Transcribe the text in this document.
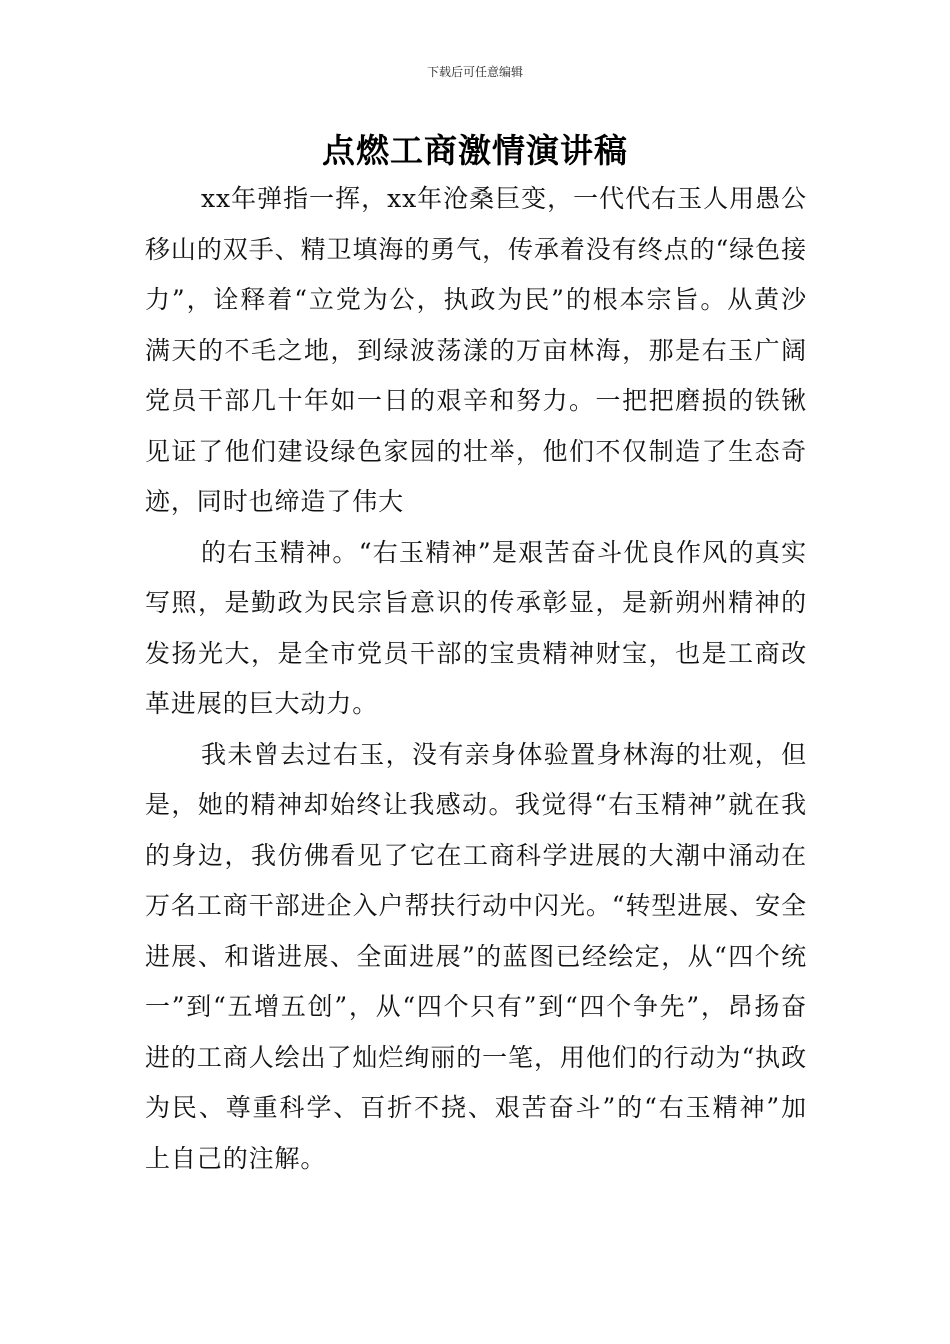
下载后可任意编辑
点燃工商激情演讲稿

xx年弹指一挥，xx年沧桑巨变，一代代右玉人用愚公移山的双手、精卫填海的勇气，传承着没有终点的“绿色接力”，诠释着“立党为公，执政为民”的根本宗旨。从黄沙满天的不毛之地，到绿波荡漾的万亩林海，那是右玉广阔党员干部几十年如一日的艰辛和努力。一把把磨损的铁锹见证了他们建设绿色家园的壮举，他们不仅制造了生态奇迹，同时也缔造了伟大

的右玉精神。“右玉精神”是艰苦奋斗优良作风的真实写照，是勤政为民宗旨意识的传承彰显，是新朔州精神的发扬光大，是全市党员干部的宝贵精神财宝，也是工商改革进展的巨大动力。

我未曾去过右玉，没有亲身体验置身林海的壮观，但是，她的精神却始终让我感动。我觉得“右玉精神”就在我的身边，我仿佛看见了它在工商科学进展的大潮中涌动在万名工商干部进企入户帮扶行动中闪光。“转型进展、安全进展、和谐进展、全面进展”的蓝图已经绘定，从“四个统一”到“五增五创”，从“四个只有”到“四个争先”，昂扬奋进的工商人绘出了灿烂绚丽的一笔，用他们的行动为“执政为民、尊重科学、百折不挠、艰苦奋斗”的“右玉精神”加上自己的注解。
